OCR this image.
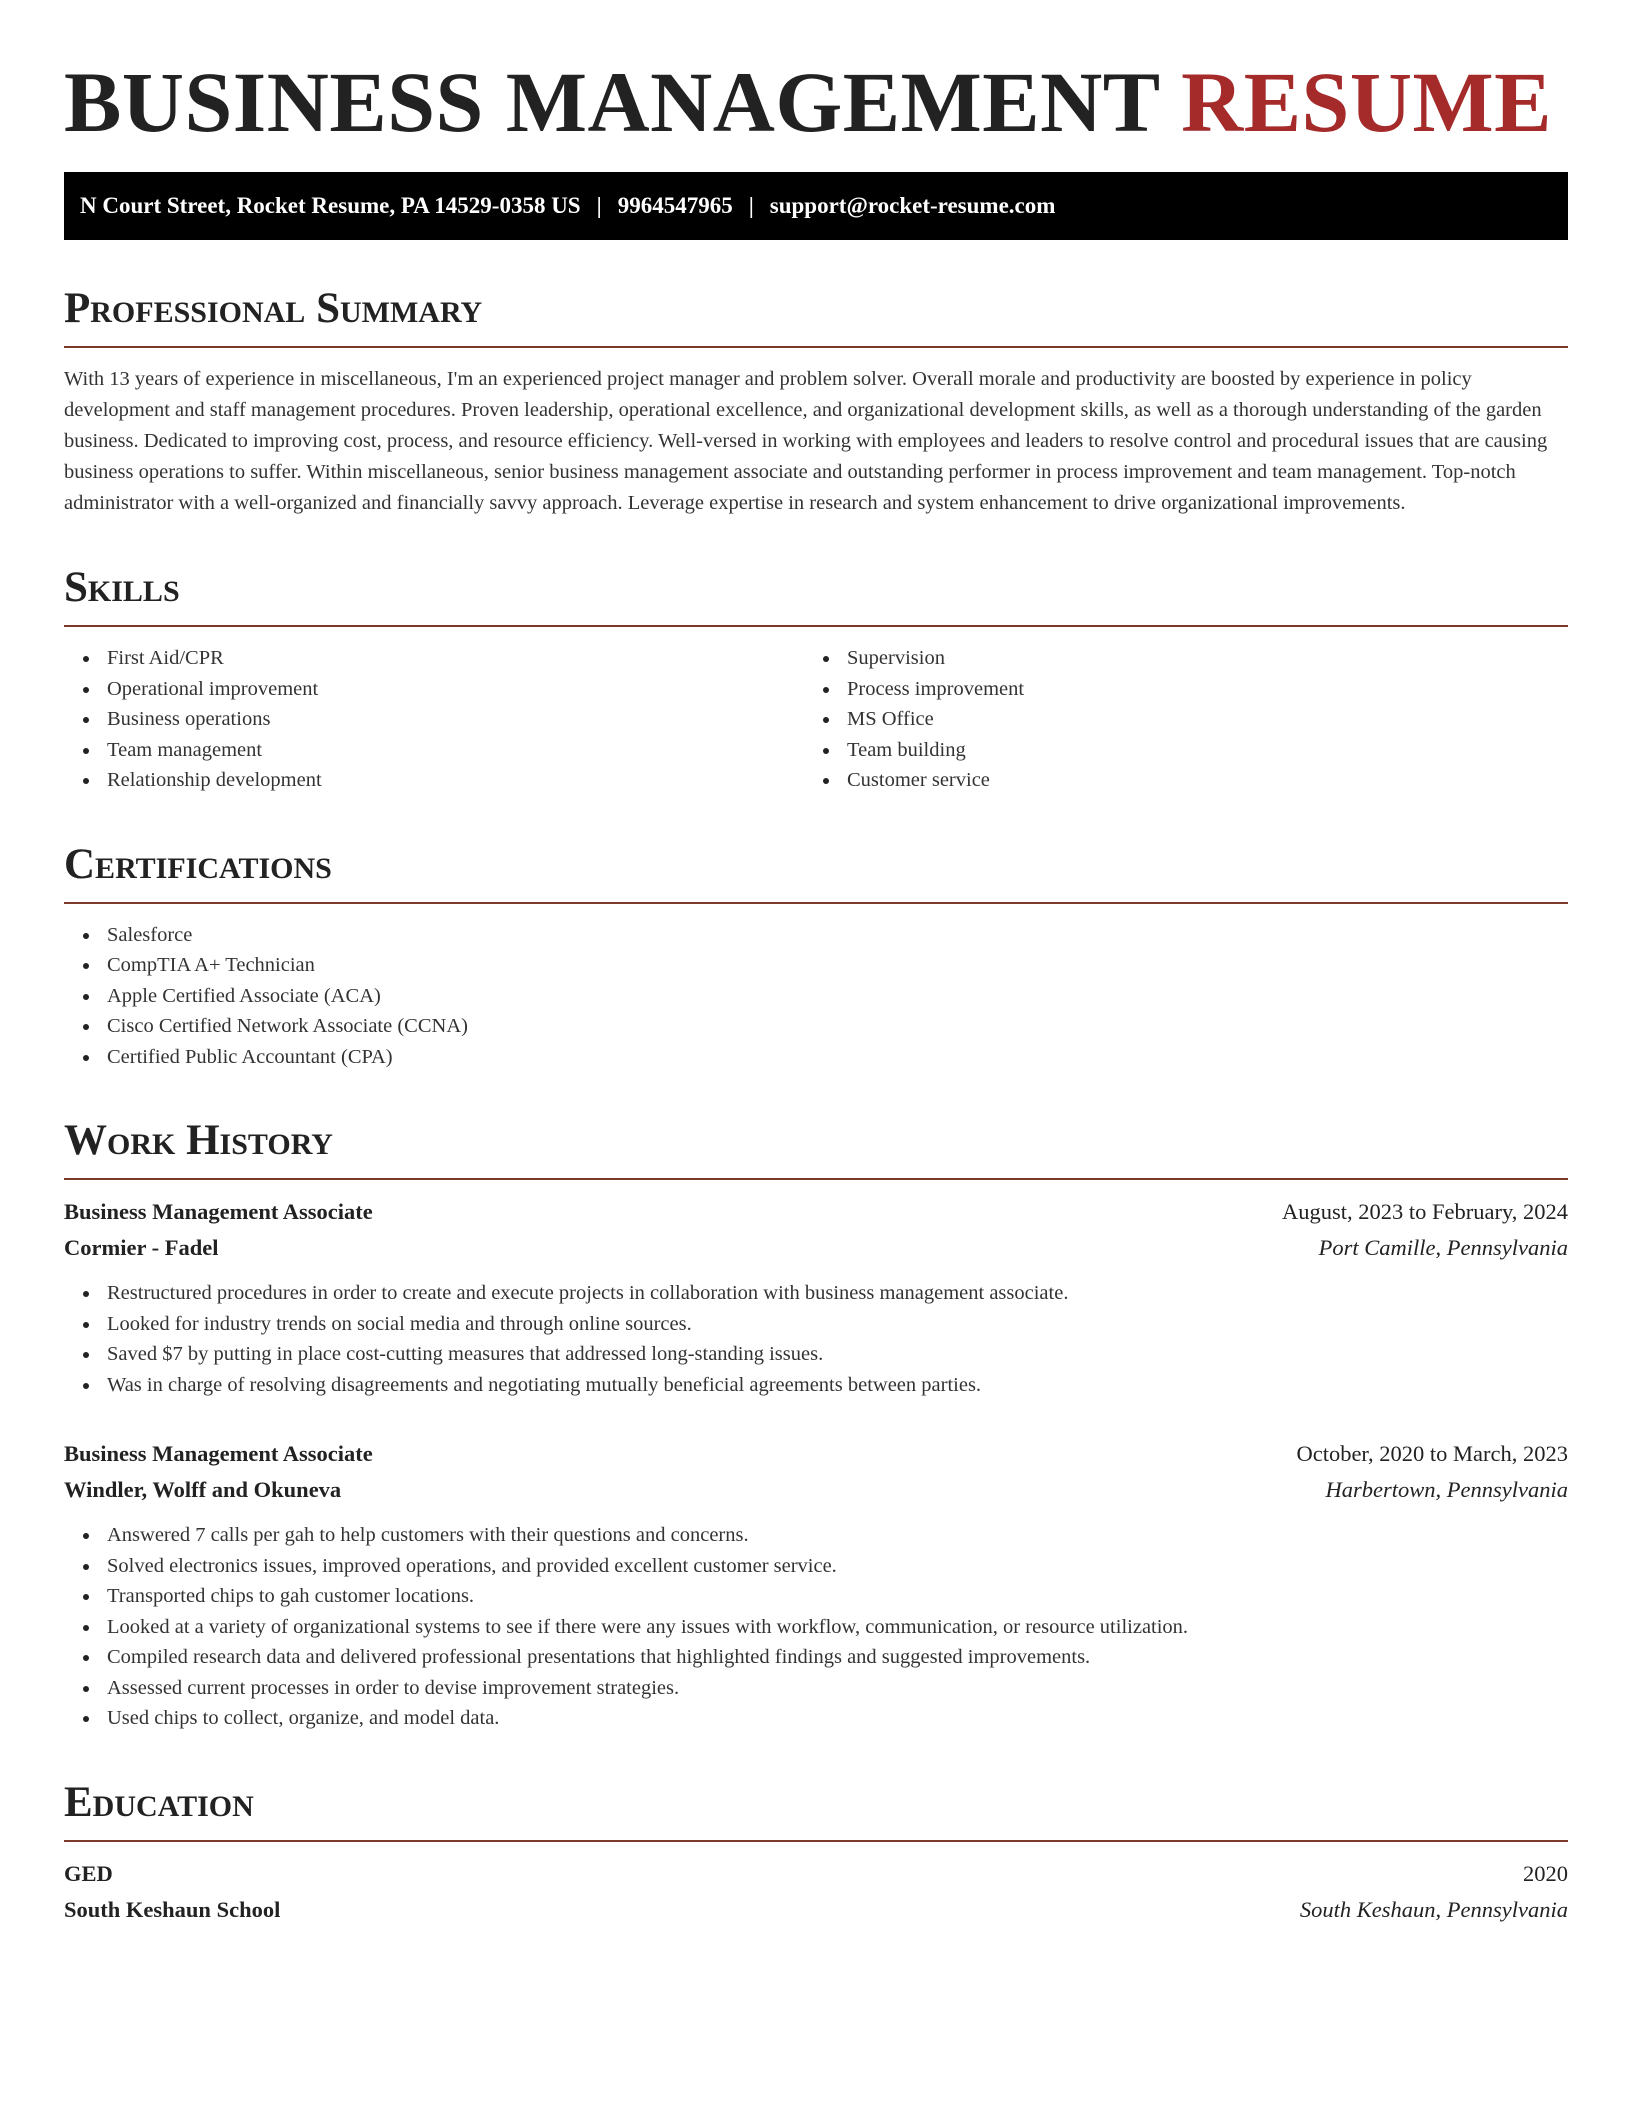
BUSINESS MANAGEMENT RESUME
N Court Street, Rocket Resume, PA 14529-0358 US | 9964547965 | support@rocket-resume.com
Professional Summary

With 13 years of experience in miscellaneous, I'm an experienced project manager and problem solver. Overall morale and productivity are boosted by experience in policy development and staff management procedures. Proven leadership, operational excellence, and organizational development skills, as well as a thorough understanding of the garden business. Dedicated to improving cost, process, and resource efficiency. Well-versed in working with employees and leaders to resolve control and procedural issues that are causing business operations to suffer. Within miscellaneous, senior business management associate and outstanding performer in process improvement and team management. Top-notch administrator with a well-organized and financially savvy approach. Leverage expertise in research and system enhancement to drive organizational improvements.

Skills
First Aid/CPR
Operational improvement
Business operations
Team management
Relationship development
Supervision
Process improvement
MS Office
Team building
Customer service
Certifications
Salesforce
CompTIA A+ Technician
Apple Certified Associate (ACA)
Cisco Certified Network Associate (CCNA)
Certified Public Accountant (CPA)
Work History
Business Management Associate	August, 2023 to February, 2024
Cormier - Fadel	Port Camille, Pennsylvania
Restructured procedures in order to create and execute projects in collaboration with business management associate.
Looked for industry trends on social media and through online sources.
Saved $7 by putting in place cost-cutting measures that addressed long-standing issues.
Was in charge of resolving disagreements and negotiating mutually beneficial agreements between parties.
Business Management Associate	October, 2020 to March, 2023
Windler, Wolff and Okuneva	Harbertown, Pennsylvania
Answered 7 calls per gah to help customers with their questions and concerns.
Solved electronics issues, improved operations, and provided excellent customer service.
Transported chips to gah customer locations.
Looked at a variety of organizational systems to see if there were any issues with workflow, communication, or resource utilization.
Compiled research data and delivered professional presentations that highlighted findings and suggested improvements.
Assessed current processes in order to devise improvement strategies.
Used chips to collect, organize, and model data.
Education
GED	2020
South Keshaun School	South Keshaun, Pennsylvania
